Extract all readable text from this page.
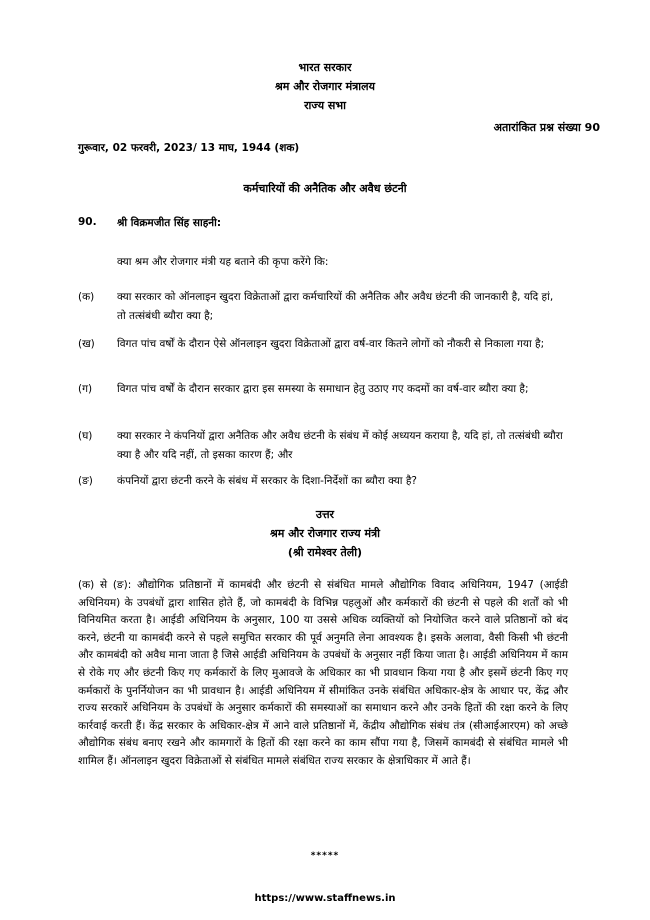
भारत सरकार
श्रम और रोजगार मंत्रालय
राज्य सभा
अतारांकित प्रश्न संख्या 90
गुरूवार, 02 फरवरी, 2023/ 13 माघ, 1944 (शक)
कर्मचारियों की अनैतिक और अवैध छंटनी
90. श्री विक्रमजीत सिंह साहनी:
क्या श्रम और रोजगार मंत्री यह बताने की कृपा करेंगे कि:
(क) क्या सरकार को ऑनलाइन खुदरा विक्रेताओं द्वारा कर्मचारियों की अनैतिक और अवैध छंटनी की जानकारी है, यदि हां, तो तत्संबंधी ब्यौरा क्या है;
(ख) विगत पांच वर्षों के दौरान ऐसे ऑनलाइन खुदरा विक्रेताओं द्वारा वर्ष-वार कितने लोगों को नौकरी से निकाला गया है;
(ग) विगत पांच वर्षों के दौरान सरकार द्वारा इस समस्या के समाधान हेतु उठाए गए कदमों का वर्ष-वार ब्यौरा क्या है;
(घ) क्या सरकार ने कंपनियों द्वारा अनैतिक और अवैध छंटनी के संबंध में कोई अध्ययन कराया है, यदि हां, तो तत्संबंधी ब्यौरा क्या है और यदि नहीं, तो इसका कारण हैं; और
(ङ) कंपनियों द्वारा छंटनी करने के संबंध में सरकार के दिशा-निर्देशों का ब्यौरा क्या है?
उत्तर
श्रम और रोजगार राज्य मंत्री
(श्री रामेश्वर तेली)
(क) से (ङ): औद्योगिक प्रतिष्ठानों में कामबंदी और छंटनी से संबंधित मामले औद्योगिक विवाद अधिनियम, 1947 (आईडी अधिनियम) के उपबंधों द्वारा शासित होते हैं, जो कामबंदी के विभिन्न पहलुओं और कर्मकारों की छंटनी से पहले की शर्तों को भी विनियमित करता है। आईडी अधिनियम के अनुसार, 100 या उससे अधिक व्यक्तियों को नियोजित करने वाले प्रतिष्ठानों को बंद करने, छंटनी या कामबंदी करने से पहले समुचित सरकार की पूर्व अनुमति लेना आवश्यक है। इसके अलावा, वैसी किसी भी छंटनी और कामबंदी को अवैध माना जाता है जिसे आईडी अधिनियम के उपबंधों के अनुसार नहीं किया जाता है। आईडी अधिनियम में काम से रोके गए और छंटनी किए गए कर्मकारों के लिए मुआवजे के अधिकार का भी प्रावधान किया गया है और इसमें छंटनी किए गए कर्मकारों के पुनर्नियोजन का भी प्रावधान है। आईडी अधिनियम में सीमांकित उनके संबंधित अधिकार-क्षेत्र के आधार पर, केंद्र और राज्य सरकारें अधिनियम के उपबंधों के अनुसार कर्मकारों की समस्याओं का समाधान करने और उनके हितों की रक्षा करने के लिए कार्रवाई करती हैं। केंद्र सरकार के अधिकार-क्षेत्र में आने वाले प्रतिष्ठानों में, केंद्रीय औद्योगिक संबंध तंत्र (सीआईआरएम) को अच्छे औद्योगिक संबंध बनाए रखने और कामगारों के हितों की रक्षा करने का काम सौंपा गया है, जिसमें कामबंदी से संबंधित मामले भी शामिल हैं। ऑनलाइन खुदरा विक्रेताओं से संबंधित मामले संबंधित राज्य सरकार के क्षेत्राधिकार में आते हैं।
*****
https://www.staffnews.in
